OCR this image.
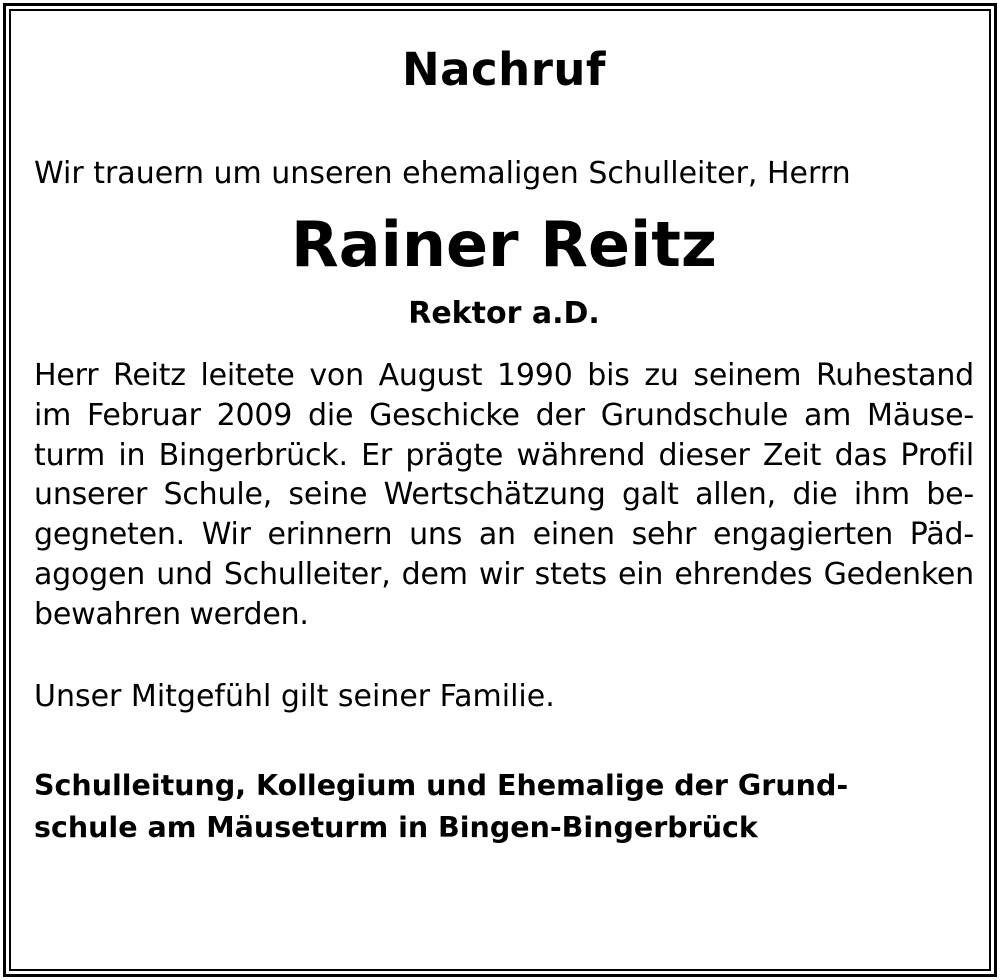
Nachruf

Wir trauern um unseren ehemaligen Schulleiter, Herrn

Rainer Reitz

Rektor a.D.

Herr Reitz leitete von August 1990 bis zu seinem Ruhestand
im Februar 2009 die Geschicke der Grundschule am Mäuse-
turm in Bingerbrück. Er prägte während dieser Zeit das Profil
unserer Schule, seine Wertschätzung galt allen, die ihm be-
gegneten. Wir erinnern uns an einen sehr engagierten Päd-
agogen und Schulleiter, dem wir stets ein ehrendes Gedenken
bewahren werden.

Unser Mitgefühl gilt seiner Familie.

Schulleitung, Kollegium und Ehemalige der Grund-
schule am Mäuseturm in Bingen-Bingerbrück
